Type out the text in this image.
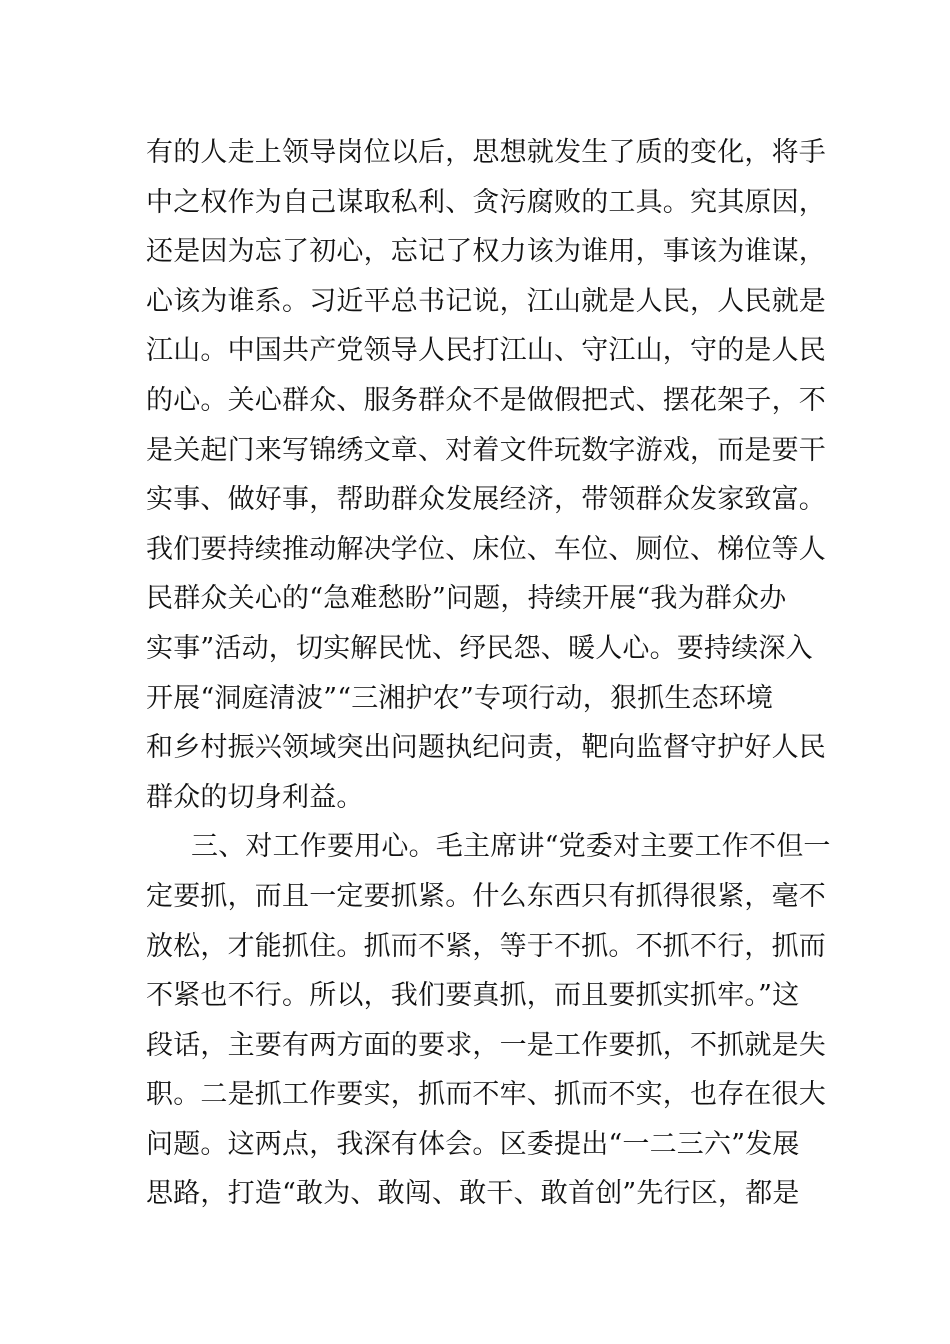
有的人走上领导岗位以后，思想就发生了质的变化，将手
中之权作为自己谋取私利、贪污腐败的工具。究其原因，
还是因为忘了初心，忘记了权力该为谁用，事该为谁谋，
心该为谁系。习近平总书记说，江山就是人民，人民就是
江山。中国共产党领导人民打江山、守江山，守的是人民
的心。关心群众、服务群众不是做假把式、摆花架子，不
是关起门来写锦绣文章、对着文件玩数字游戏，而是要干
实事、做好事，帮助群众发展经济，带领群众发家致富。
我们要持续推动解决学位、床位、车位、厕位、梯位等人
民群众关心的“急难愁盼”问题，持续开展“我为群众办
实事”活动，切实解民忧、纾民怨、暖人心。要持续深入
开展“洞庭清波”“三湘护农”专项行动，狠抓生态环境
和乡村振兴领域突出问题执纪问责，靶向监督守护好人民
群众的切身利益。
三、对工作要用心。毛主席讲“党委对主要工作不但一
定要抓，而且一定要抓紧。什么东西只有抓得很紧，毫不
放松，才能抓住。抓而不紧，等于不抓。不抓不行，抓而
不紧也不行。所以，我们要真抓，而且要抓实抓牢。”这
段话，主要有两方面的要求，一是工作要抓，不抓就是失
职。二是抓工作要实，抓而不牢、抓而不实，也存在很大
问题。这两点，我深有体会。区委提出“一二三六”发展
思路，打造“敢为、敢闯、敢干、敢首创”先行区，都是
